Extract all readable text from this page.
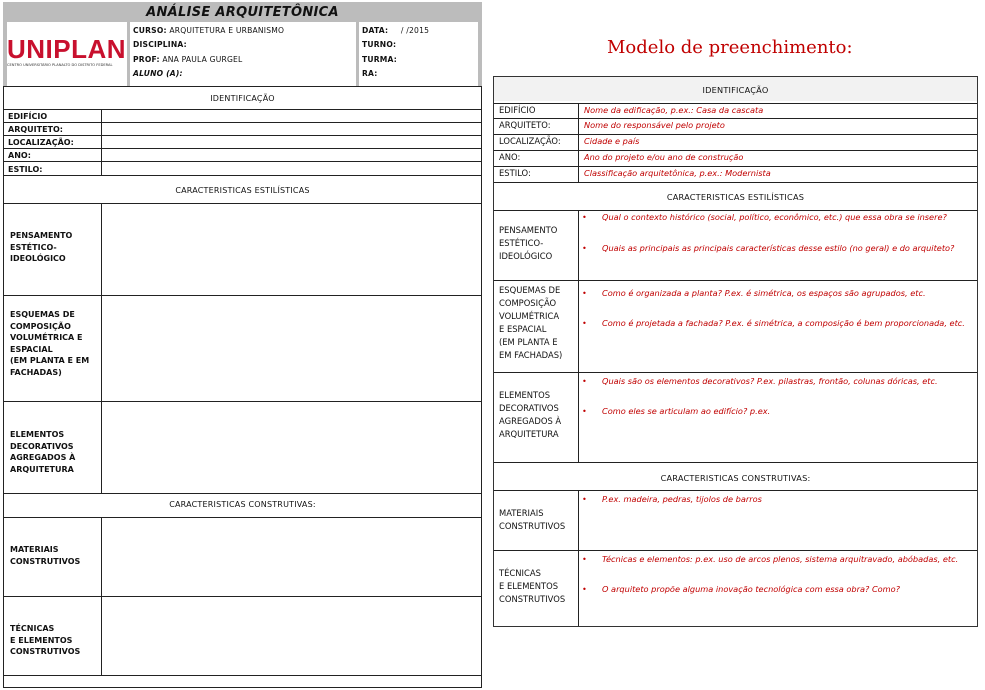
ANÁLISE ARQUITETÔNICA
UNIPLAN
CENTRO UNIVERSITÁRIO PLANALTO DO DISTRITO FEDERAL
CURSO: ARQUITETURA E URBANISMO	DATA: / /2015
DISCIPLINA:	TURNO:
PROF: ANA PAULA GURGEL	TURMA:
ALUNO (A):	RA:
IDENTIFICAÇÃO
EDIFÍCIO
ARQUITETO:
LOCALIZAÇÃO:
ANO:
ESTILO:
CARACTERISTICAS ESTILÍSTICAS
PENSAMENTO
ESTÉTICO-
IDEOLÓGICO
ESQUEMAS DE
COMPOSIÇÃO
VOLUMÉTRICA E
ESPACIAL
(EM PLANTA E EM
FACHADAS)
ELEMENTOS
DECORATIVOS
AGREGADOS À
ARQUITETURA
CARACTERISTICAS CONSTRUTIVAS:
MATERIAIS
CONSTRUTIVOS
TÉCNICAS
E ELEMENTOS
CONSTRUTIVOS
Modelo de preenchimento:
IDENTIFICAÇÃO
EDIFÍCIO	Nome da edificação, p.ex.: Casa da cascata
ARQUITETO:	Nome do responsável pelo projeto
LOCALIZAÇÃO:	Cidade e país
ANO:	Ano do projeto e/ou ano de construção
ESTILO:	Classificação arquitetônica, p.ex.: Modernista
CARACTERISTICAS ESTILÍSTICAS
PENSAMENTO
ESTÉTICO-
IDEOLÓGICO
•	Qual o contexto histórico (social, político, econômico, etc.) que essa obra se insere?
•	Quais as principais as principais características desse estilo (no geral) e do arquiteto?
ESQUEMAS DE
COMPOSIÇÃO
VOLUMÉTRICA
E ESPACIAL
(EM PLANTA E
EM FACHADAS)
•	Como é organizada a planta? P.ex. é simétrica, os espaços são agrupados, etc.
•	Como é projetada a fachada? P.ex. é simétrica, a composição é bem proporcionada, etc.
ELEMENTOS
DECORATIVOS
AGREGADOS À
ARQUITETURA
•	Quais são os elementos decorativos? P.ex. pilastras, frontão, colunas dóricas, etc.
•	Como eles se articulam ao edifício? p.ex.
CARACTERISTICAS CONSTRUTIVAS:
MATERIAIS
CONSTRUTIVOS
•	P.ex. madeira, pedras, tijolos de barros
TÉCNICAS
E ELEMENTOS
CONSTRUTIVOS
•	Técnicas e elementos: p.ex. uso de arcos plenos, sistema arquitravado, abóbadas, etc.
•	O arquiteto propõe alguma inovação tecnológica com essa obra? Como?
